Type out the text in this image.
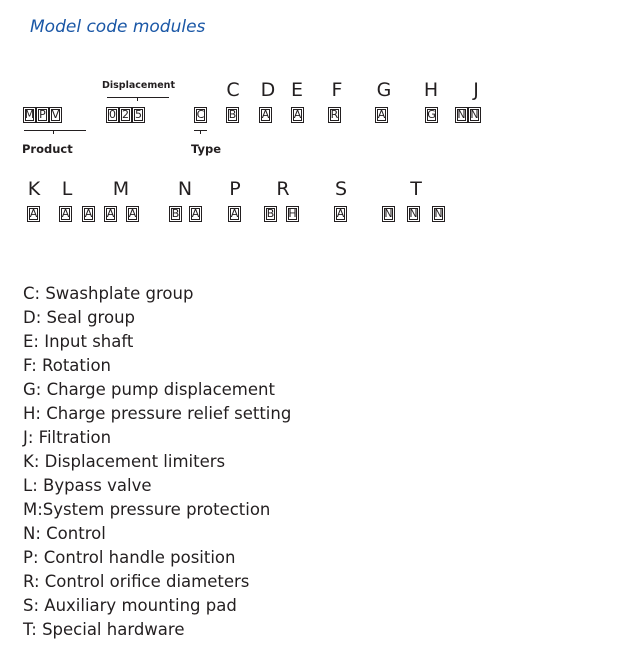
Model code modules
Displacement	C D E F G H	J
M P V	0 2 5	C B A A	R	A	G N N
Product	Type
K L M	N P R S	T
A A A A A	B A	A	B H	A	N N N
C: Swashplate group
D: Seal group
E: Input shaft
F: Rotation
G: Charge pump displacement
H: Charge pressure relief setting
J: Filtration
K: Displacement limiters
L: Bypass valve
M:System pressure protection
N: Control
P: Control handle position
R: Control orifice diameters
S: Auxiliary mounting pad
T: Special hardware
